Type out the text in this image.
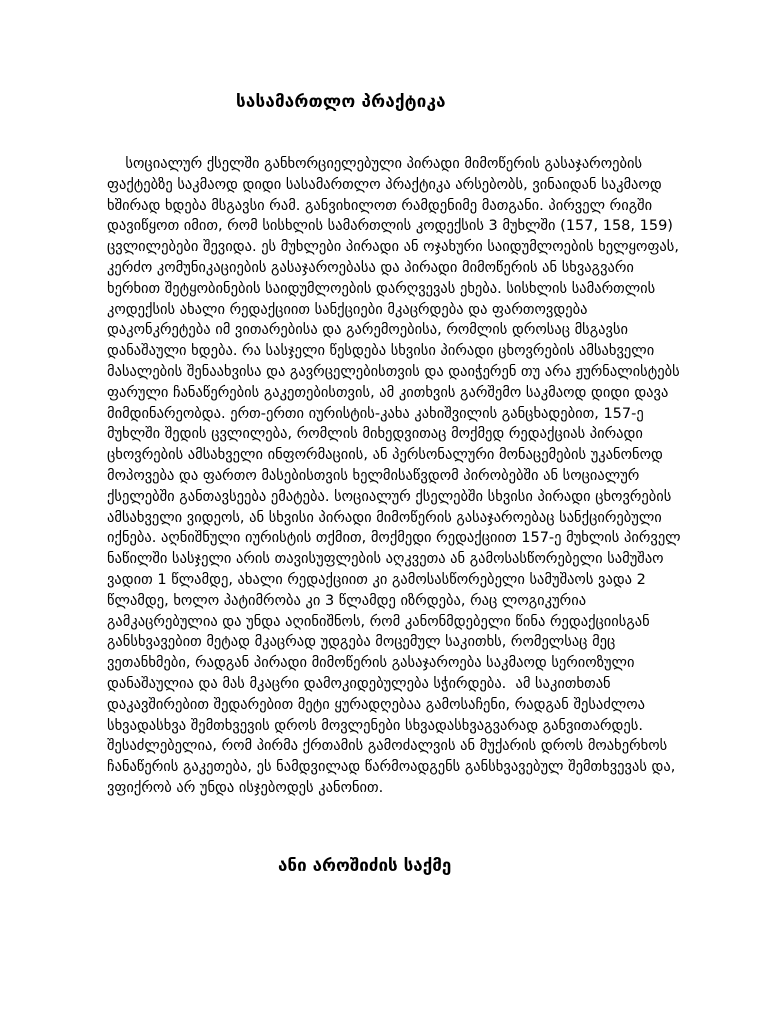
სასამართლო პრაქტიკა
სოციალურ ქსელში განხორციელებული პირადი მიმოწერის გასაჯაროების
ფაქტებზე საკმაოდ დიდი სასამართლო პრაქტიკა არსებობს, ვინაიდან საკმაოდ
ხშირად ხდება მსგავსი რამ. განვიხილოთ რამდენიმე მათგანი. პირველ რიგში
დავიწყოთ იმით, რომ სისხლის სამართლის კოდექსის 3 მუხლში (157, 158, 159)
ცვლილებები შევიდა. ეს მუხლები პირადი ან ოჯახური საიდუმლოების ხელყოფას,
კერძო კომუნიკაციების გასაჯაროებასა და პირადი მიმოწერის ან სხვაგვარი
ხერხით შეტყობინების საიდუმლოების დარღვევას ეხება. სისხლის სამართლის
კოდექსის ახალი რედაქციით სანქციები მკაცრდება და ფართოვდება
დაკონკრეტება იმ ვითარებისა და გარემოებისა, რომლის დროსაც მსგავსი
დანაშაული ხდება. რა სასჯელი წესდება სხვისი პირადი ცხოვრების ამსახველი
მასალების შენაახვისა და გავრცელებისთვის და დაიჭერენ თუ არა ჟურნალისტებს
ფარული ჩანაწერების გაკეთებისთვის, ამ კითხვის გარშემო საკმაოდ დიდი დავა
მიმდინარეობდა. ერთ-ერთი იურისტის-კახა კახიშვილის განცხადებით, 157-ე
მუხლში შედის ცვლილება, რომლის მიხედვითაც მოქმედ რედაქციას პირადი
ცხოვრების ამსახველი ინფორმაციის, ან პერსონალური მონაცემების უკანონოდ
მოპოვება და ფართო მასებისთვის ხელმისაწვდომ პირობებში ან სოციალურ
ქსელებში განთავსეება ემატება. სოციალურ ქსელებში სხვისი პირადი ცხოვრების
ამსახველი ვიდეოს, ან სხვისი პირადი მიმოწერის გასაჯაროებაც სანქცირებული
იქნება. აღნიშნული იურისტის თქმით, მოქმედი რედაქციით 157-ე მუხლის პირველ
ნაწილში სასჯელი არის თავისუფლების აღკვეთა ან გამოსასწორებელი სამუშაო
ვადით 1 წლამდე, ახალი რედაქციით კი გამოსასწორებელი სამუშაოს ვადა 2
წლამდე, ხოლო პატიმრობა კი 3 წლამდე იზრდება, რაც ლოგიკურია
გამკაცრებულია და უნდა აღინიშნოს, რომ კანონმდებელი წინა რედაქციისგან
განსხვავებით მეტად მკაცრად უდგება მოცემულ საკითხს, რომელსაც მეც
ვეთანხმები, რადგან პირადი მიმოწერის გასაჯაროება საკმაოდ სერიოზული
დანაშაულია და მას მკაცრი დამოკიდებულება სჭირდება.  ამ საკითხთან
დაკავშირებით შედარებით მეტი ყურადღებაა გამოსაჩენი, რადგან შესაძლოა
სხვადასხვა შემთხვევის დროს მოვლენები სხვადასხვაგვარად განვითარდეს.
შესაძლებელია, რომ პირმა ქრთამის გამოძალვის ან მუქარის დროს მოახერხოს
ჩანაწერის გაკეთება, ეს ნამდვილად წარმოადგენს განსხვავებულ შემთხვევას და,
ვფიქრობ არ უნდა ისჯებოდეს კანონით.
ანი აროშიძის საქმე
